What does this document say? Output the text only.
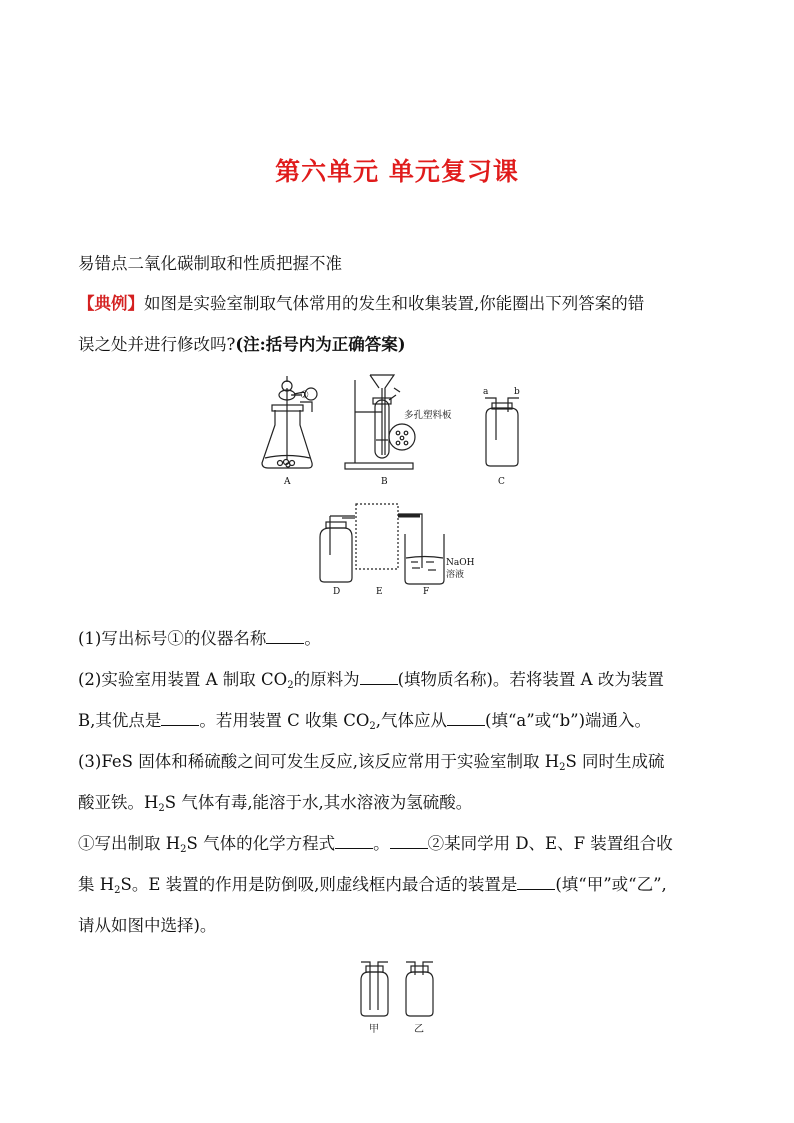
第六单元 单元复习课
易错点二氧化碳制取和性质把握不准
【典例】如图是实验室制取气体常用的发生和收集装置,你能圈出下列答案的错
误之处并进行修改吗?(注:括号内为正确答案)
A	B	C
①
多孔塑料板
a	b
D	E	F
NaOH
溶液
(1)写出标号①的仪器名称 。
(2)实验室用装置 A 制取 $CO_2$的原料为 (填物质名称)。若将装置 A 改为装置
B,其优点是 。若用装置 C 收集 $CO_2$,气体应从 (填“a”或“b”)端通入。
(3)FeS 固体和稀硫酸之间可发生反应,该反应常用于实验室制取 $H_2S$ 同时生成硫
酸亚铁。$H_2S$ 气体有毒,能溶于水,其水溶液为氢硫酸。
①写出制取 $H_2S$ 气体的化学方程式 。 ②某同学用 D、E、F 装置组合收
集 $H_2S$。E 装置的作用是防倒吸,则虚线框内最合适的装置是 (填“甲”或“乙”,
请从如图中选择)。
甲	乙
